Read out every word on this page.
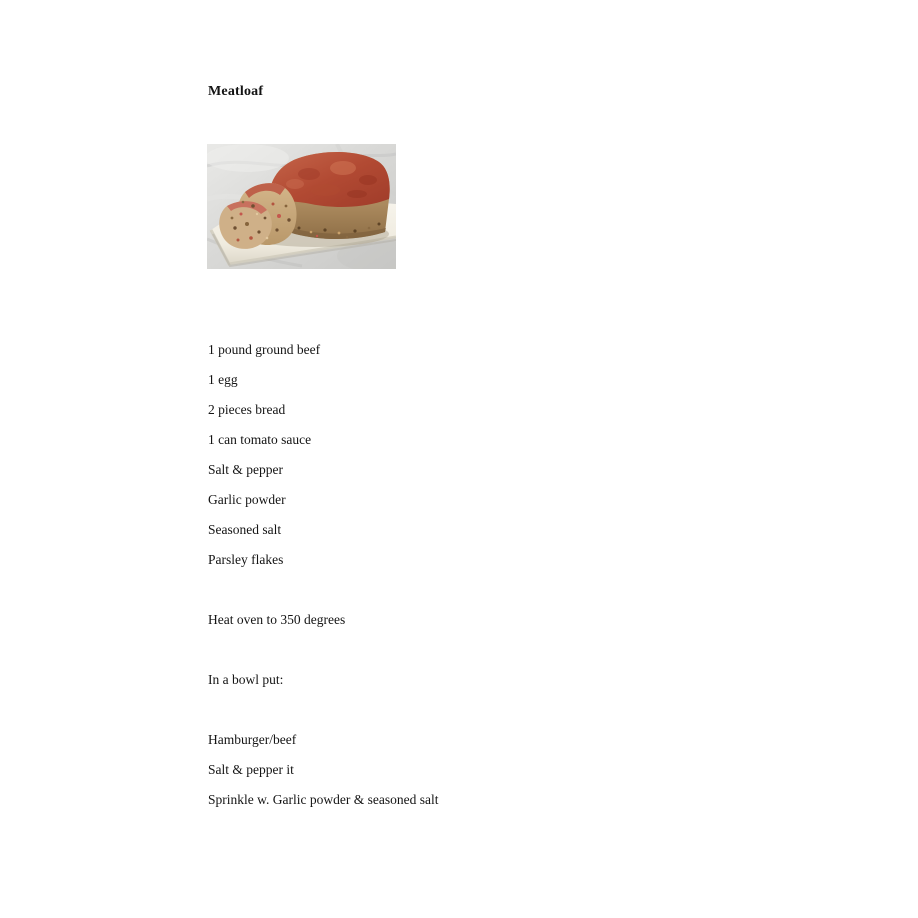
Meatloaf
1 pound ground beef
1 egg
2 pieces bread
1 can tomato sauce
Salt & pepper
Garlic powder
Seasoned salt
Parsley flakes
Heat oven to 350 degrees
In a bowl put:
Hamburger/beef
Salt & pepper it
Sprinkle w. Garlic powder & seasoned salt
